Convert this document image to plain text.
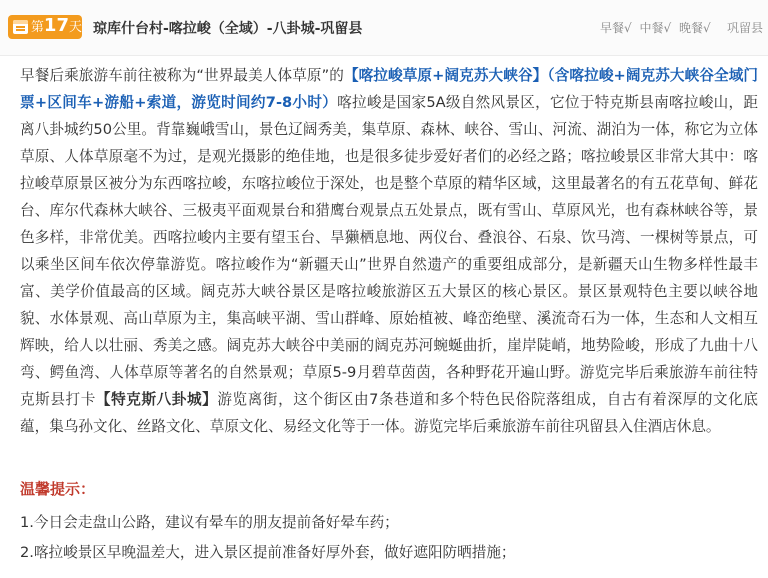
第17天 琼库什台村-喀拉峻（全域）-八卦城-巩留县	早餐√ 中餐√ 晚餐√	巩留县

早餐后乘旅游车前往被称为“世界最美人体草原”的【喀拉峻草原+阔克苏大峡谷】（含喀拉峻+阔克苏大峡谷全域门票+区间车+游船+索道，游览时间约7-8小时）喀拉峻是国家5A级自然风景区，它位于特克斯县南喀拉峻山，距离八卦城约50公里。背靠巍峨雪山，景色辽阔秀美，集草原、森林、峡谷、雪山、河流、湖泊为一体，称它为立体草原、人体草原毫不为过，是观光摄影的绝佳地，也是很多徒步爱好者们的必经之路；喀拉峻景区非常大其中：喀拉峻草原景区被分为东西喀拉峻，东喀拉峻位于深处，也是整个草原的精华区域，这里最著名的有五花草甸、鲜花台、库尔代森林大峡谷、三极夷平面观景台和猎鹰台观景点五处景点，既有雪山、草原风光，也有森林峡谷等，景色多样，非常优美。西喀拉峻内主要有望玉台、旱獭栖息地、两仪台、叠浪谷、石泉、饮马湾、一棵树等景点，可以乘坐区间车依次停靠游览。喀拉峻作为“新疆天山”世界自然遗产的重要组成部分，是新疆天山生物多样性最丰富、美学价值最高的区域。阔克苏大峡谷景区是喀拉峻旅游区五大景区的核心景区。景区景观特色主要以峡谷地貌、水体景观、高山草原为主，集高峡平湖、雪山群峰、原始植被、峰峦绝壁、溪流奇石为一体，生态和人文相互辉映，给人以壮丽、秀美之感。阔克苏大峡谷中美丽的阔克苏河蜿蜒曲折，崖岸陡峭，地势险峻，形成了九曲十八弯、鳄鱼湾、人体草原等著名的自然景观；草原5-9月碧草茵茵，各种野花开遍山野。游览完毕后乘旅游车前往特克斯县打卡【特克斯八卦城】游览离街，这个街区由7条巷道和多个特色民俗院落组成，自古有着深厚的文化底蕴，集乌孙文化、丝路文化、草原文化、易经文化等于一体。游览完毕后乘旅游车前往巩留县入住酒店休息。

温馨提示：
1.今日会走盘山公路，建议有晕车的朋友提前备好晕车药；
2.喀拉峻景区早晚温差大，进入景区提前准备好厚外套，做好遮阳防晒措施；
